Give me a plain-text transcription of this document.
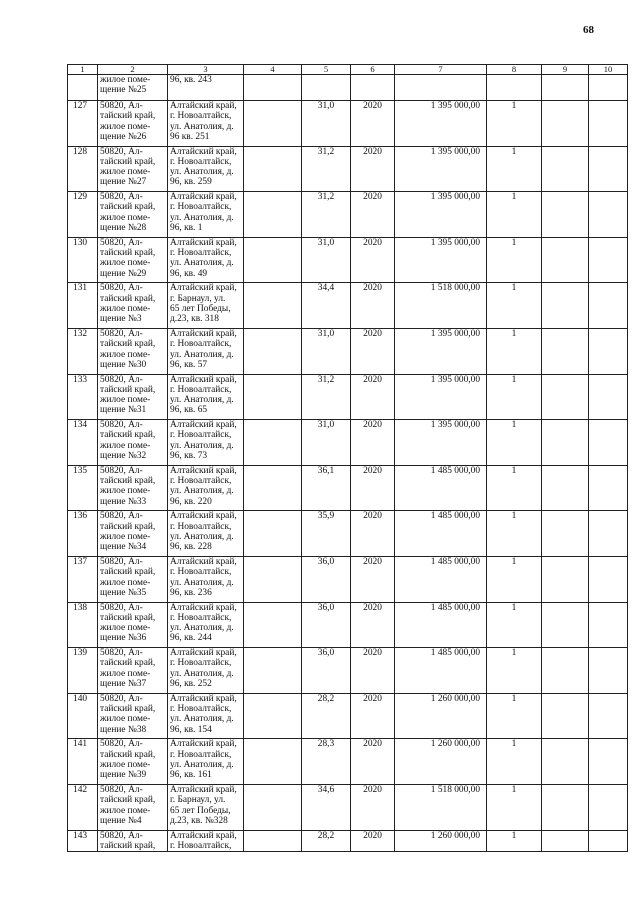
68
1	2	3	4	5	6	7	8	9	10
	жилое поме-
щение №25	96, кв. 243							
127	50820, Ал-
тайский край,
жилое поме-
щение №26	Алтайский край,
г. Новоалтайск,
ул. Анатолия, д.
96 кв. 251		31,0	2020	1 395 000,00	1		
128	50820, Ал-
тайский край,
жилое поме-
щение №27	Алтайский край,
г. Новоалтайск,
ул. Анатолия, д.
96, кв. 259		31,2	2020	1 395 000,00	1		
129	50820, Ал-
тайский край,
жилое поме-
щение №28	Алтайский край,
г. Новоалтайск,
ул. Анатолия, д.
96, кв. 1		31,2	2020	1 395 000,00	1		
130	50820, Ал-
тайский край,
жилое поме-
щение №29	Алтайский край,
г. Новоалтайск,
ул. Анатолия, д.
96, кв. 49		31,0	2020	1 395 000,00	1		
131	50820, Ал-
тайский край,
жилое поме-
щение №3	Алтайский край,
г. Барнаул, ул.
65 лет Победы,
д.23, кв. 318		34,4	2020	1 518 000,00	1		
132	50820, Ал-
тайский край,
жилое поме-
щение №30	Алтайский край,
г. Новоалтайск,
ул. Анатолия, д.
96, кв. 57		31,0	2020	1 395 000,00	1		
133	50820, Ал-
тайский край,
жилое поме-
щение №31	Алтайский край,
г. Новоалтайск,
ул. Анатолия, д.
96, кв. 65		31,2	2020	1 395 000,00	1		
134	50820, Ал-
тайский край,
жилое поме-
щение №32	Алтайский край,
г. Новоалтайск,
ул. Анатолия, д.
96, кв. 73		31,0	2020	1 395 000,00	1		
135	50820, Ал-
тайский край,
жилое поме-
щение №33	Алтайский край,
г. Новоалтайск,
ул. Анатолия, д.
96, кв. 220		36,1	2020	1 485 000,00	1		
136	50820, Ал-
тайский край,
жилое поме-
щение №34	Алтайский край,
г. Новоалтайск,
ул. Анатолия, д.
96, кв. 228		35,9	2020	1 485 000,00	1		
137	50820, Ал-
тайский край,
жилое поме-
щение №35	Алтайский край,
г. Новоалтайск,
ул. Анатолия, д.
96, кв. 236		36,0	2020	1 485 000,00	1		
138	50820, Ал-
тайский край,
жилое поме-
щение №36	Алтайский край,
г. Новоалтайск,
ул. Анатолия, д.
96, кв. 244		36,0	2020	1 485 000,00	1		
139	50820, Ал-
тайский край,
жилое поме-
щение №37	Алтайский край,
г. Новоалтайск,
ул. Анатолия, д.
96, кв. 252		36,0	2020	1 485 000,00	1		
140	50820, Ал-
тайский край,
жилое поме-
щение №38	Алтайский край,
г. Новоалтайск,
ул. Анатолия, д.
96, кв. 154		28,2	2020	1 260 000,00	1		
141	50820, Ал-
тайский край,
жилое поме-
щение №39	Алтайский край,
г. Новоалтайск,
ул. Анатолия, д.
96, кв. 161		28,3	2020	1 260 000,00	1		
142	50820, Ал-
тайский край,
жилое поме-
щение №4	Алтайский край,
г. Барнаул, ул.
65 лет Победы,
д.23, кв. №328		34,6	2020	1 518 000,00	1		
143	50820, Ал-
тайский край,	Алтайский край,
г. Новоалтайск,		28,2	2020	1 260 000,00	1		
